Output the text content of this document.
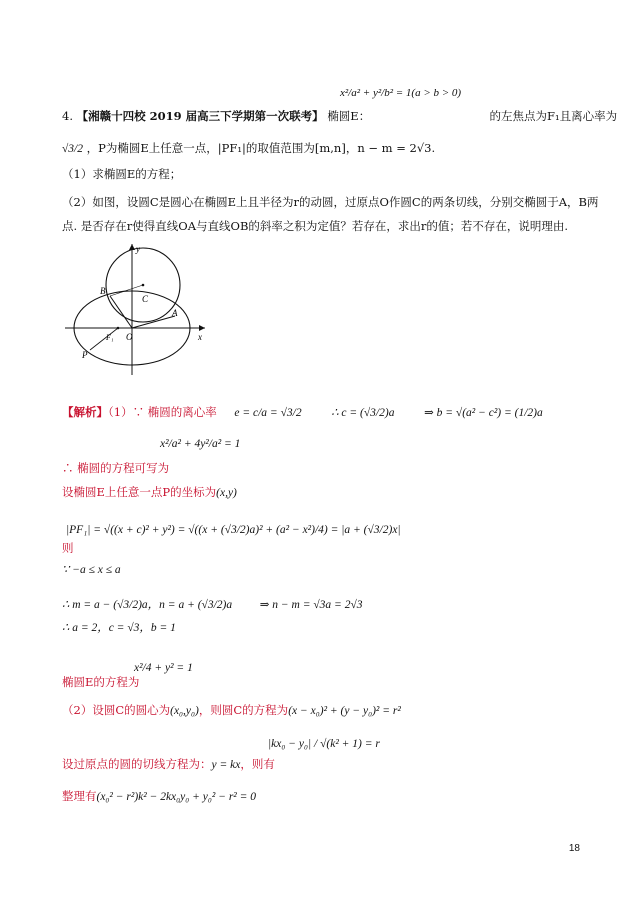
x²/a² + y²/b² = 1(a > b > 0)
4. 【湘赣十四校 2019 届高三下学期第一次联考】 椭圆E：	的左焦点为F₁且离心率为
√3/2 ，P为椭圆E上任意一点，|PF₁|的取值范围为[m,n]，n − m = 2√3.
（1）求椭圆E的方程；
（2）如图，设圆C是圆心在椭圆E上且半径为r的动圆，过原点O作圆C的两条切线，分别交椭圆于A，B两
点. 是否存在r使得直线OA与直线OB的斜率之积为定值？若存在，求出r的值；若不存在，说明理由.
y
x
B
C
A
F₁ O
P
【解析】（1）∵ 椭圆的离心率 e = c/a = √3/2	∴ c = (√3/2)a	⇒ b = √(a² − c²) = (1/2)a
x²/a² + 4y²/a² = 1
∴ 椭圆的方程可写为
设椭圆E上任意一点P的坐标为(x,y)
|PF₁| = √((x + c)² + y²) = √((x + (√3/2)a)² + (a² − x²)/4) = |a + (√3/2)x|
则
∵ −a ≤ x ≤ a
∴ m = a − (√3/2)a，n = a + (√3/2)a ⇒ n − m = √3a = 2√3
∴ a = 2，c = √3，b = 1
x²/4 + y² = 1
椭圆E的方程为
（2）设圆C的圆心为(x₀,y₀)，则圆C的方程为(x − x₀)² + (y − y₀)² = r²
|kx₀ − y₀| / √(k² + 1) = r
设过原点的圆的切线方程为：y = kx，则有
整理有(x₀² − r²)k² − 2kx₀y₀ + y₀² − r² = 0
18
